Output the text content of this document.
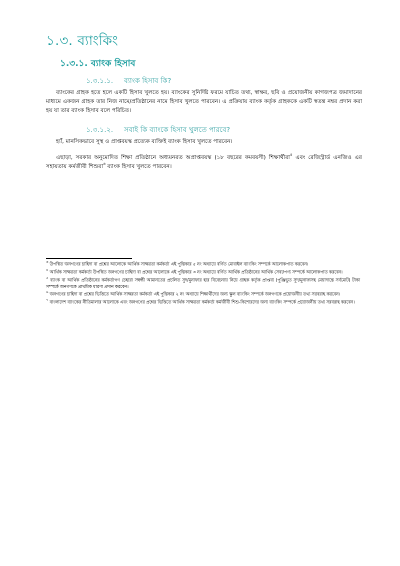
১.৩. ব্যাংকিং
১.৩.১. ব্যাংক হিসাব
১.৩.১.১. ব্যাংক হিসাব কি?
ব্যাংকের গ্রাহক হতে হলে একটি হিসাব খুলতে হয়। ব্যাংকের সুনির্দিষ্ট ফরমে যাচিত তথ্য, স্বাক্ষর, ছবি ও প্রয়োজনীয় কাগজপত্র জমাদানের মাধ্যমে একজন গ্রাহক তার নিজ নামে/প্রতিষ্ঠানের নামে হিসাব খুলতে পারবেন। এ প্রক্রিয়ায় ব্যাংক কর্তৃক গ্রাহককে একটি স্বতন্ত্র নম্বর প্রদান করা হয় যা তার ব্যাংক হিসাব বলে পরিচিত।
১.৩.১.২. সবাই কি ব্যাংকে হিসাব খুলতে পারবে?
হ্যাঁ, মানসিকভাবে সুস্থ ও প্রাপ্তবয়স্ক প্রত্যেক ব্যক্তিই ব্যাংক হিসাব খুলতে পারবেন।
এছাড়া, সরকার অনুমোদিত শিক্ষা প্রতিষ্ঠানে অধ্যয়নরত অপ্রাপ্তবয়স্ক (১৮ বছরের কমবয়সী) শিক্ষার্থীরা$^৫$ এবং রেজিস্ট্রার্ড এনজিও এর সহায়তায় কর্মজীবী শিশুরা$^৬$ ব্যাংক হিসাব খুলতে পারবেন।
$^৩$ উপস্থিত জনগণের চাহিদা বা প্রশ্নের আলোকে আর্থিক সাক্ষরতা কর্মকর্তা এই পুস্তিকার ৫ নং অধ্যায়ে বর্ণিত মোবাইল ব্যাংকিং সম্পর্কে আলোকপাত করবেন।
$^৪$ আর্থিক সাক্ষরতা কর্মকর্তা উপস্থিত জনগণের চাহিদা বা প্রশ্নের আলোকে এই পুস্তিকার ৩ নং অধ্যায়ে বর্ণিত আর্থিক প্রতিষ্ঠানের আর্থিক সেবা/পণ্য সম্পর্কে আলোকপাত করবেন।
$^৫$ ব্যাংক বা আর্থিক প্রতিষ্ঠানের কর্মকর্তাগণ চেহারা সম্বন্ধী আমানতের প্রচলিত সুদ/মুনাফার হার বিবেচনায় নিয়ে গ্রাহক কর্তৃক প্রাপ্তব্য (পুঞ্জিভূত সুদ/মুনাফাসহ মেয়াদান্তে সর্বমোট) টাকা সম্পর্কে জনগণকে প্রাথমিক ধারণা প্রদান করবেন।
$^৬$ জনগণের চাহিদা বা প্রশ্নের ভিত্তিতে আর্থিক সাক্ষরতা কর্মকর্তা এই পুস্তিকার ২ নং অধ্যায়ে শিক্ষার্থীদের জন্য স্কুল ব্যাংকিং সম্পর্কে জনগণকে প্রয়োজনীয় তথ্য সরবরাহ করবেন।
$^৭$ বাংলাদেশ ব্যাংকের নীতিমালার আলোকে এবং জনগণের প্রশ্নের ভিত্তিতে আর্থিক সাক্ষরতা কর্মকর্তা কর্মজীবী শিশু-কিশোরদের জন্য ব্যাংকিং সম্পর্কে প্রয়োজনীয় তথ্য সরবরাহ করবেন।
